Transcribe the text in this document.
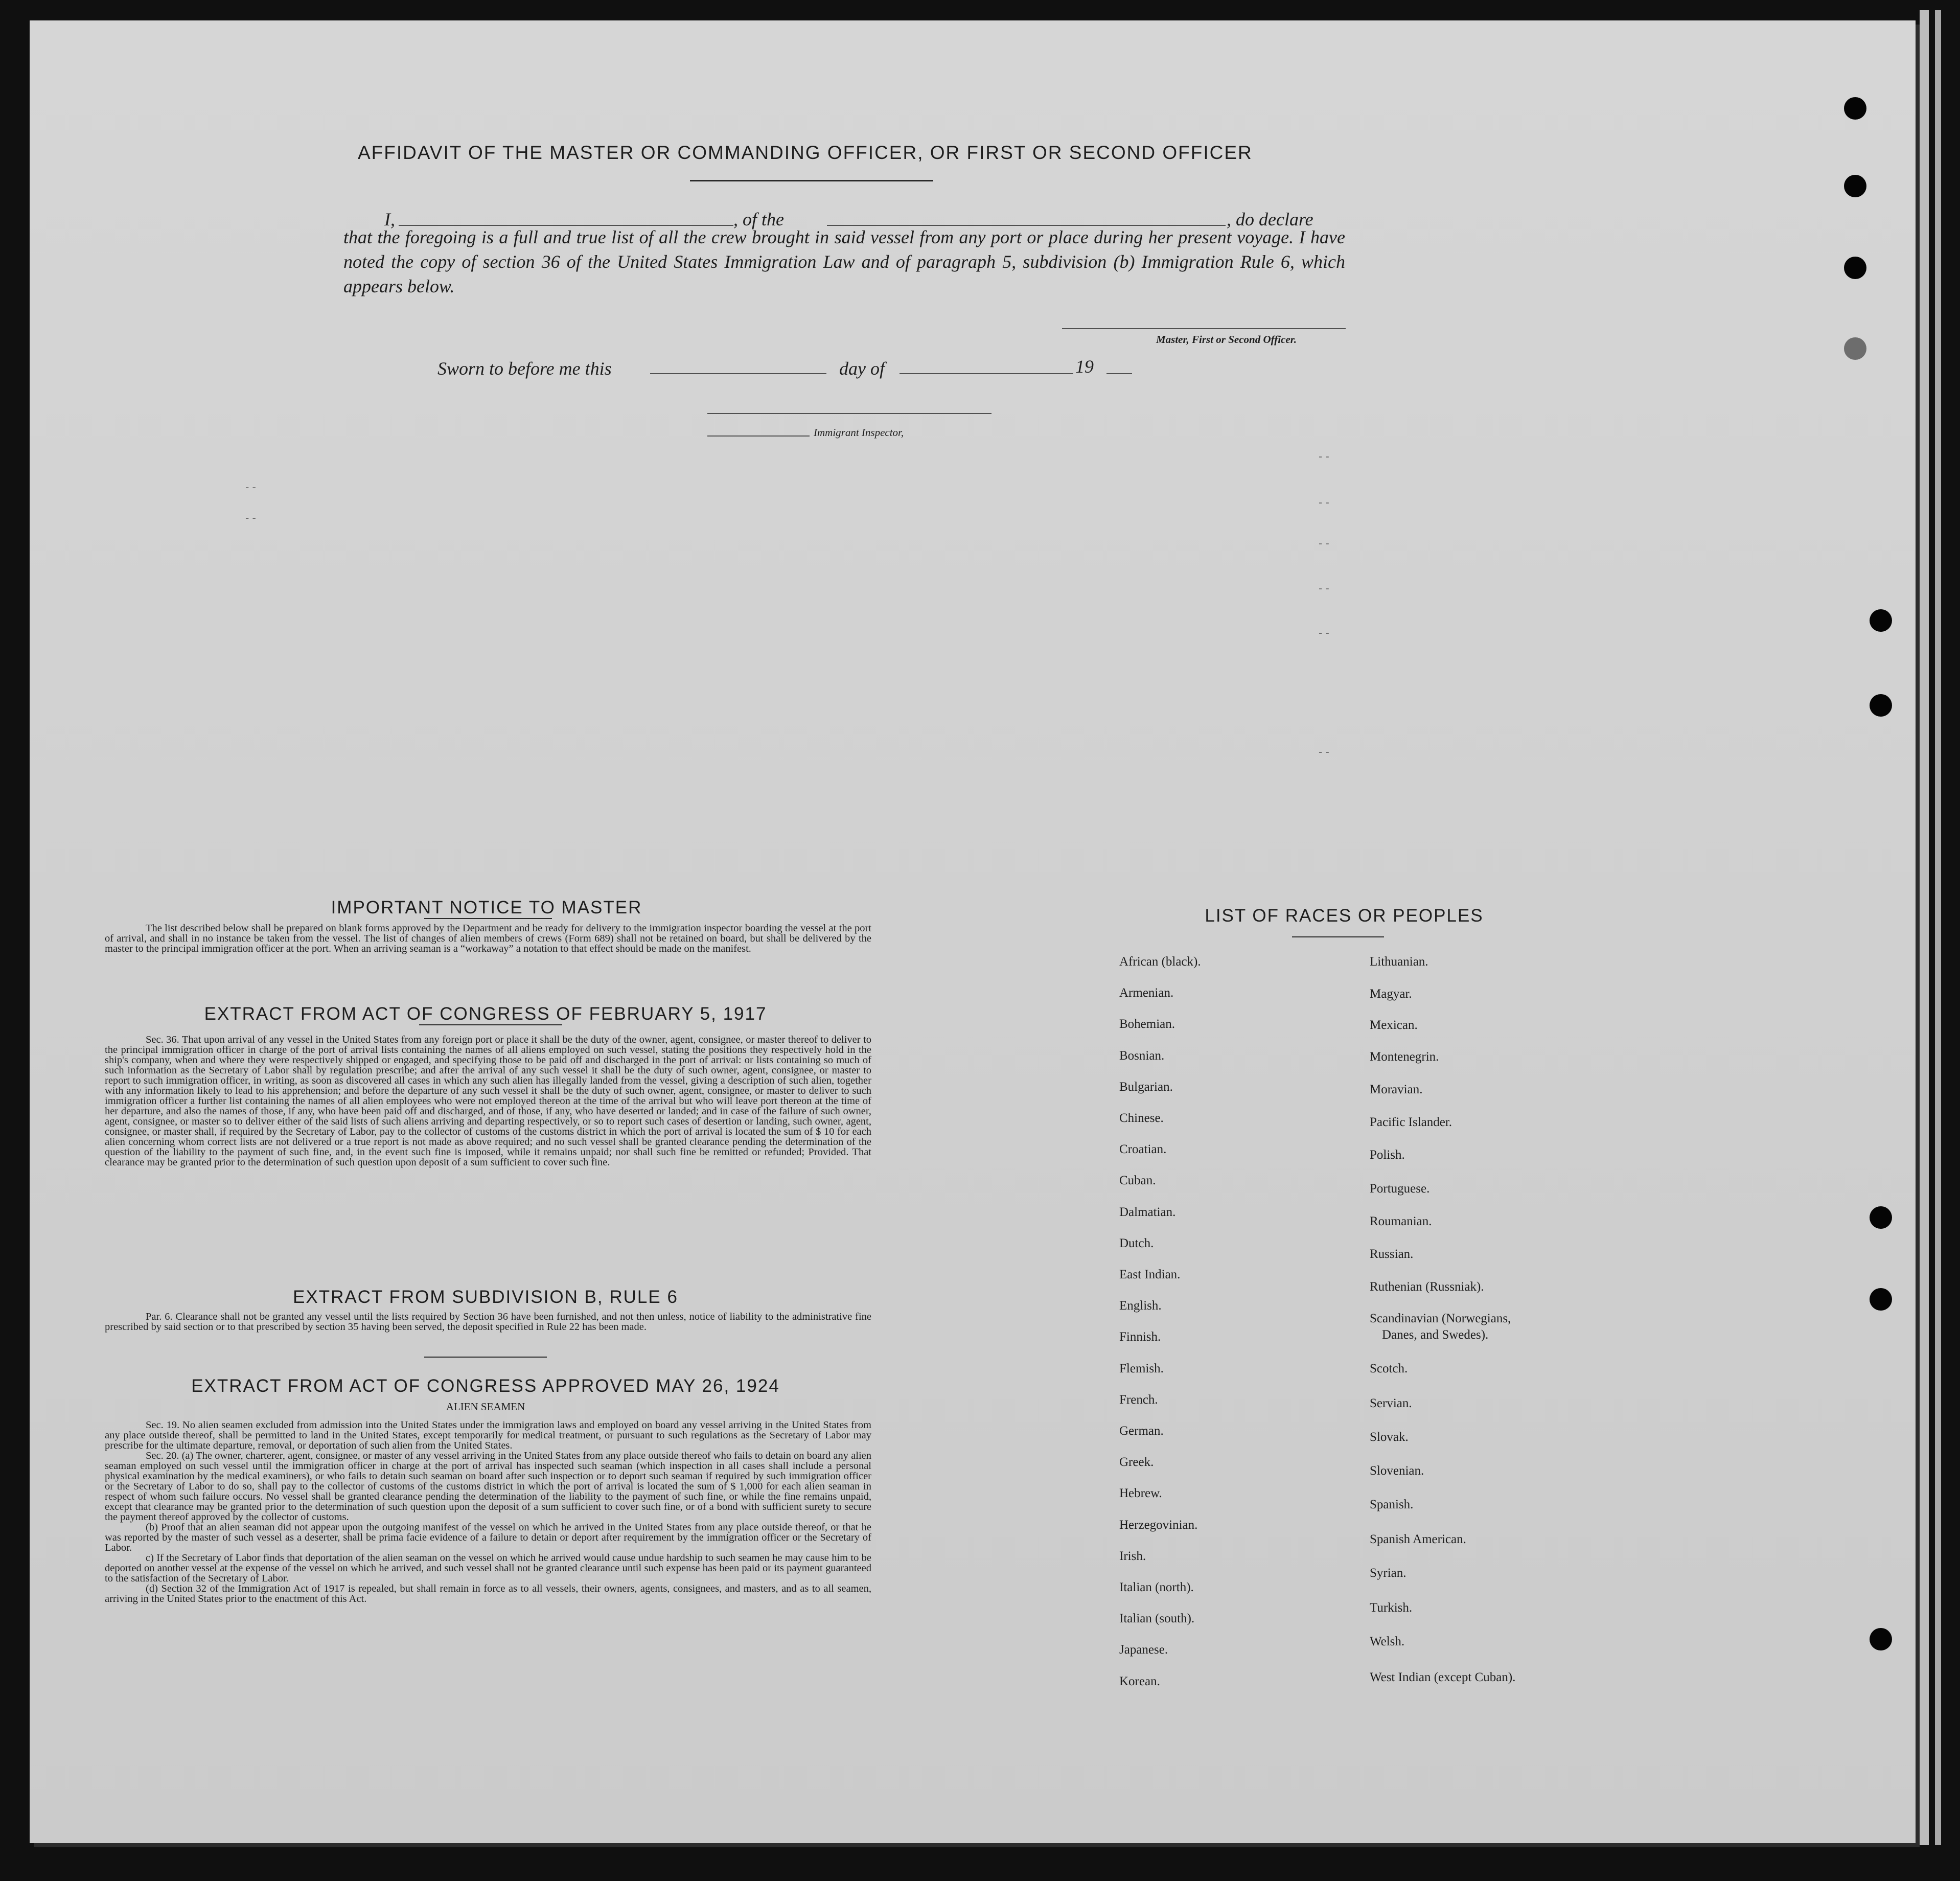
AFFIDAVIT OF THE MASTER OR COMMANDING OFFICER, OR FIRST OR SECOND OFFICER
I,	, of the	, do declare
that the foregoing is a full and true list of all the crew brought in said vessel from any port or place during her present voyage. I have noted the copy of section 36 of the United States Immigration Law and of paragraph 5, subdivision (b) Immigration Rule 6, which appears below.
Master, First or Second Officer.
Sworn to before me this	day of	19
Immigrant Inspector,
- -
- -
- -
- -
- -
- -
- -
- -
IMPORTANT NOTICE TO MASTER
The list described below shall be prepared on blank forms approved by the Department and be ready for delivery to the immigration inspector boarding the vessel at the port of arrival, and shall in no instance be taken from the vessel. The list of changes of alien members of crews (Form 689) shall not be retained on board, but shall be delivered by the master to the principal immigration officer at the port. When an arriving seaman is a “workaway” a notation to that effect should be made on the manifest.
EXTRACT FROM ACT OF CONGRESS OF FEBRUARY 5, 1917
Sec. 36. That upon arrival of any vessel in the United States from any foreign port or place it shall be the duty of the owner, agent, consignee, or master thereof to deliver to the principal immigration officer in charge of the port of arrival lists containing the names of all aliens employed on such vessel, stating the positions they respectively hold in the ship's company, when and where they were respectively shipped or engaged, and specifying those to be paid off and discharged in the port of arrival: or lists containing so much of such information as the Secretary of Labor shall by regulation prescribe; and after the arrival of any such vessel it shall be the duty of such owner, agent, consignee, or master to report to such immigration officer, in writing, as soon as discovered all cases in which any such alien has illegally landed from the vessel, giving a description of such alien, together with any information likely to lead to his apprehension; and before the departure of any such vessel it shall be the duty of such owner, agent, consignee, or master to deliver to such immigration officer a further list containing the names of all alien employees who were not employed thereon at the time of the arrival but who will leave port thereon at the time of her departure, and also the names of those, if any, who have been paid off and discharged, and of those, if any, who have deserted or landed; and in case of the failure of such owner, agent, consignee, or master so to deliver either of the said lists of such aliens arriving and departing respectively, or so to report such cases of desertion or landing, such owner, agent, consignee, or master shall, if required by the Secretary of Labor, pay to the collector of customs of the customs district in which the port of arrival is located the sum of $ 10 for each alien concerning whom correct lists are not delivered or a true report is not made as above required; and no such vessel shall be granted clearance pending the determination of the question of the liability to the payment of such fine, and, in the event such fine is imposed, while it remains unpaid; nor shall such fine be remitted or refunded; Provided. That clearance may be granted prior to the determination of such question upon deposit of a sum sufficient to cover such fine.
EXTRACT FROM SUBDIVISION B, RULE 6
Par. 6. Clearance shall not be granted any vessel until the lists required by Section 36 have been furnished, and not then unless, notice of liability to the administrative fine prescribed by said section or to that prescribed by section 35 having been served, the deposit specified in Rule 22 has been made.
EXTRACT FROM ACT OF CONGRESS APPROVED MAY 26, 1924
ALIEN SEAMEN

Sec. 19. No alien seamen excluded from admission into the United States under the immigration laws and employed on board any vessel arriving in the United States from any place outside thereof, shall be permitted to land in the United States, except temporarily for medical treatment, or pursuant to such regulations as the Secretary of Labor may prescribe for the ultimate departure, removal, or deportation of such alien from the United States.

Sec. 20. (a) The owner, charterer, agent, consignee, or master of any vessel arriving in the United States from any place outside thereof who fails to detain on board any alien seaman employed on such vessel until the immigration officer in charge at the port of arrival has inspected such seaman (which inspection in all cases shall include a personal physical examination by the medical examiners), or who fails to detain such seaman on board after such inspection or to deport such seaman if required by such immigration officer or the Secretary of Labor to do so, shall pay to the collector of customs of the customs district in which the port of arrival is located the sum of $ 1,000 for each alien seaman in respect of whom such failure occurs. No vessel shall be granted clearance pending the determination of the liability to the payment of such fine, or while the fine remains unpaid, except that clearance may be granted prior to the determination of such question upon the deposit of a sum sufficient to cover such fine, or of a bond with sufficient surety to secure the payment thereof approved by the collector of customs.

(b) Proof that an alien seaman did not appear upon the outgoing manifest of the vessel on which he arrived in the United States from any place outside thereof, or that he was reported by the master of such vessel as a deserter, shall be prima facie evidence of a failure to detain or deport after requirement by the immigration officer or the Secretary of Labor.

c) If the Secretary of Labor finds that deportation of the alien seaman on the vessel on which he arrived would cause undue hardship to such seamen he may cause him to be deported on another vessel at the expense of the vessel on which he arrived, and such vessel shall not be granted clearance until such expense has been paid or its payment guaranteed to the satisfaction of the Secretary of Labor.

(d) Section 32 of the Immigration Act of 1917 is repealed, but shall remain in force as to all vessels, their owners, agents, consignees, and masters, and as to all seamen, arriving in the United States prior to the enactment of this Act.

LIST OF RACES OR PEOPLES
African (black).
Armenian.
Bohemian.
Bosnian.
Bulgarian.
Chinese.
Croatian.
Cuban.
Dalmatian.
Dutch.
East Indian.
English.
Finnish.
Flemish.
French.
German.
Greek.
Hebrew.
Herzegovinian.
Irish.
Italian (north).
Italian (south).
Japanese.
Korean.
Lithuanian.
Magyar.
Mexican.
Montenegrin.
Moravian.
Pacific Islander.
Polish.
Portuguese.
Roumanian.
Russian.
Ruthenian (Russniak).
Scandinavian (Norwegians,
Danes, and Swedes).
Scotch.
Servian.
Slovak.
Slovenian.
Spanish.
Spanish American.
Syrian.
Turkish.
Welsh.
West Indian (except Cuban).
